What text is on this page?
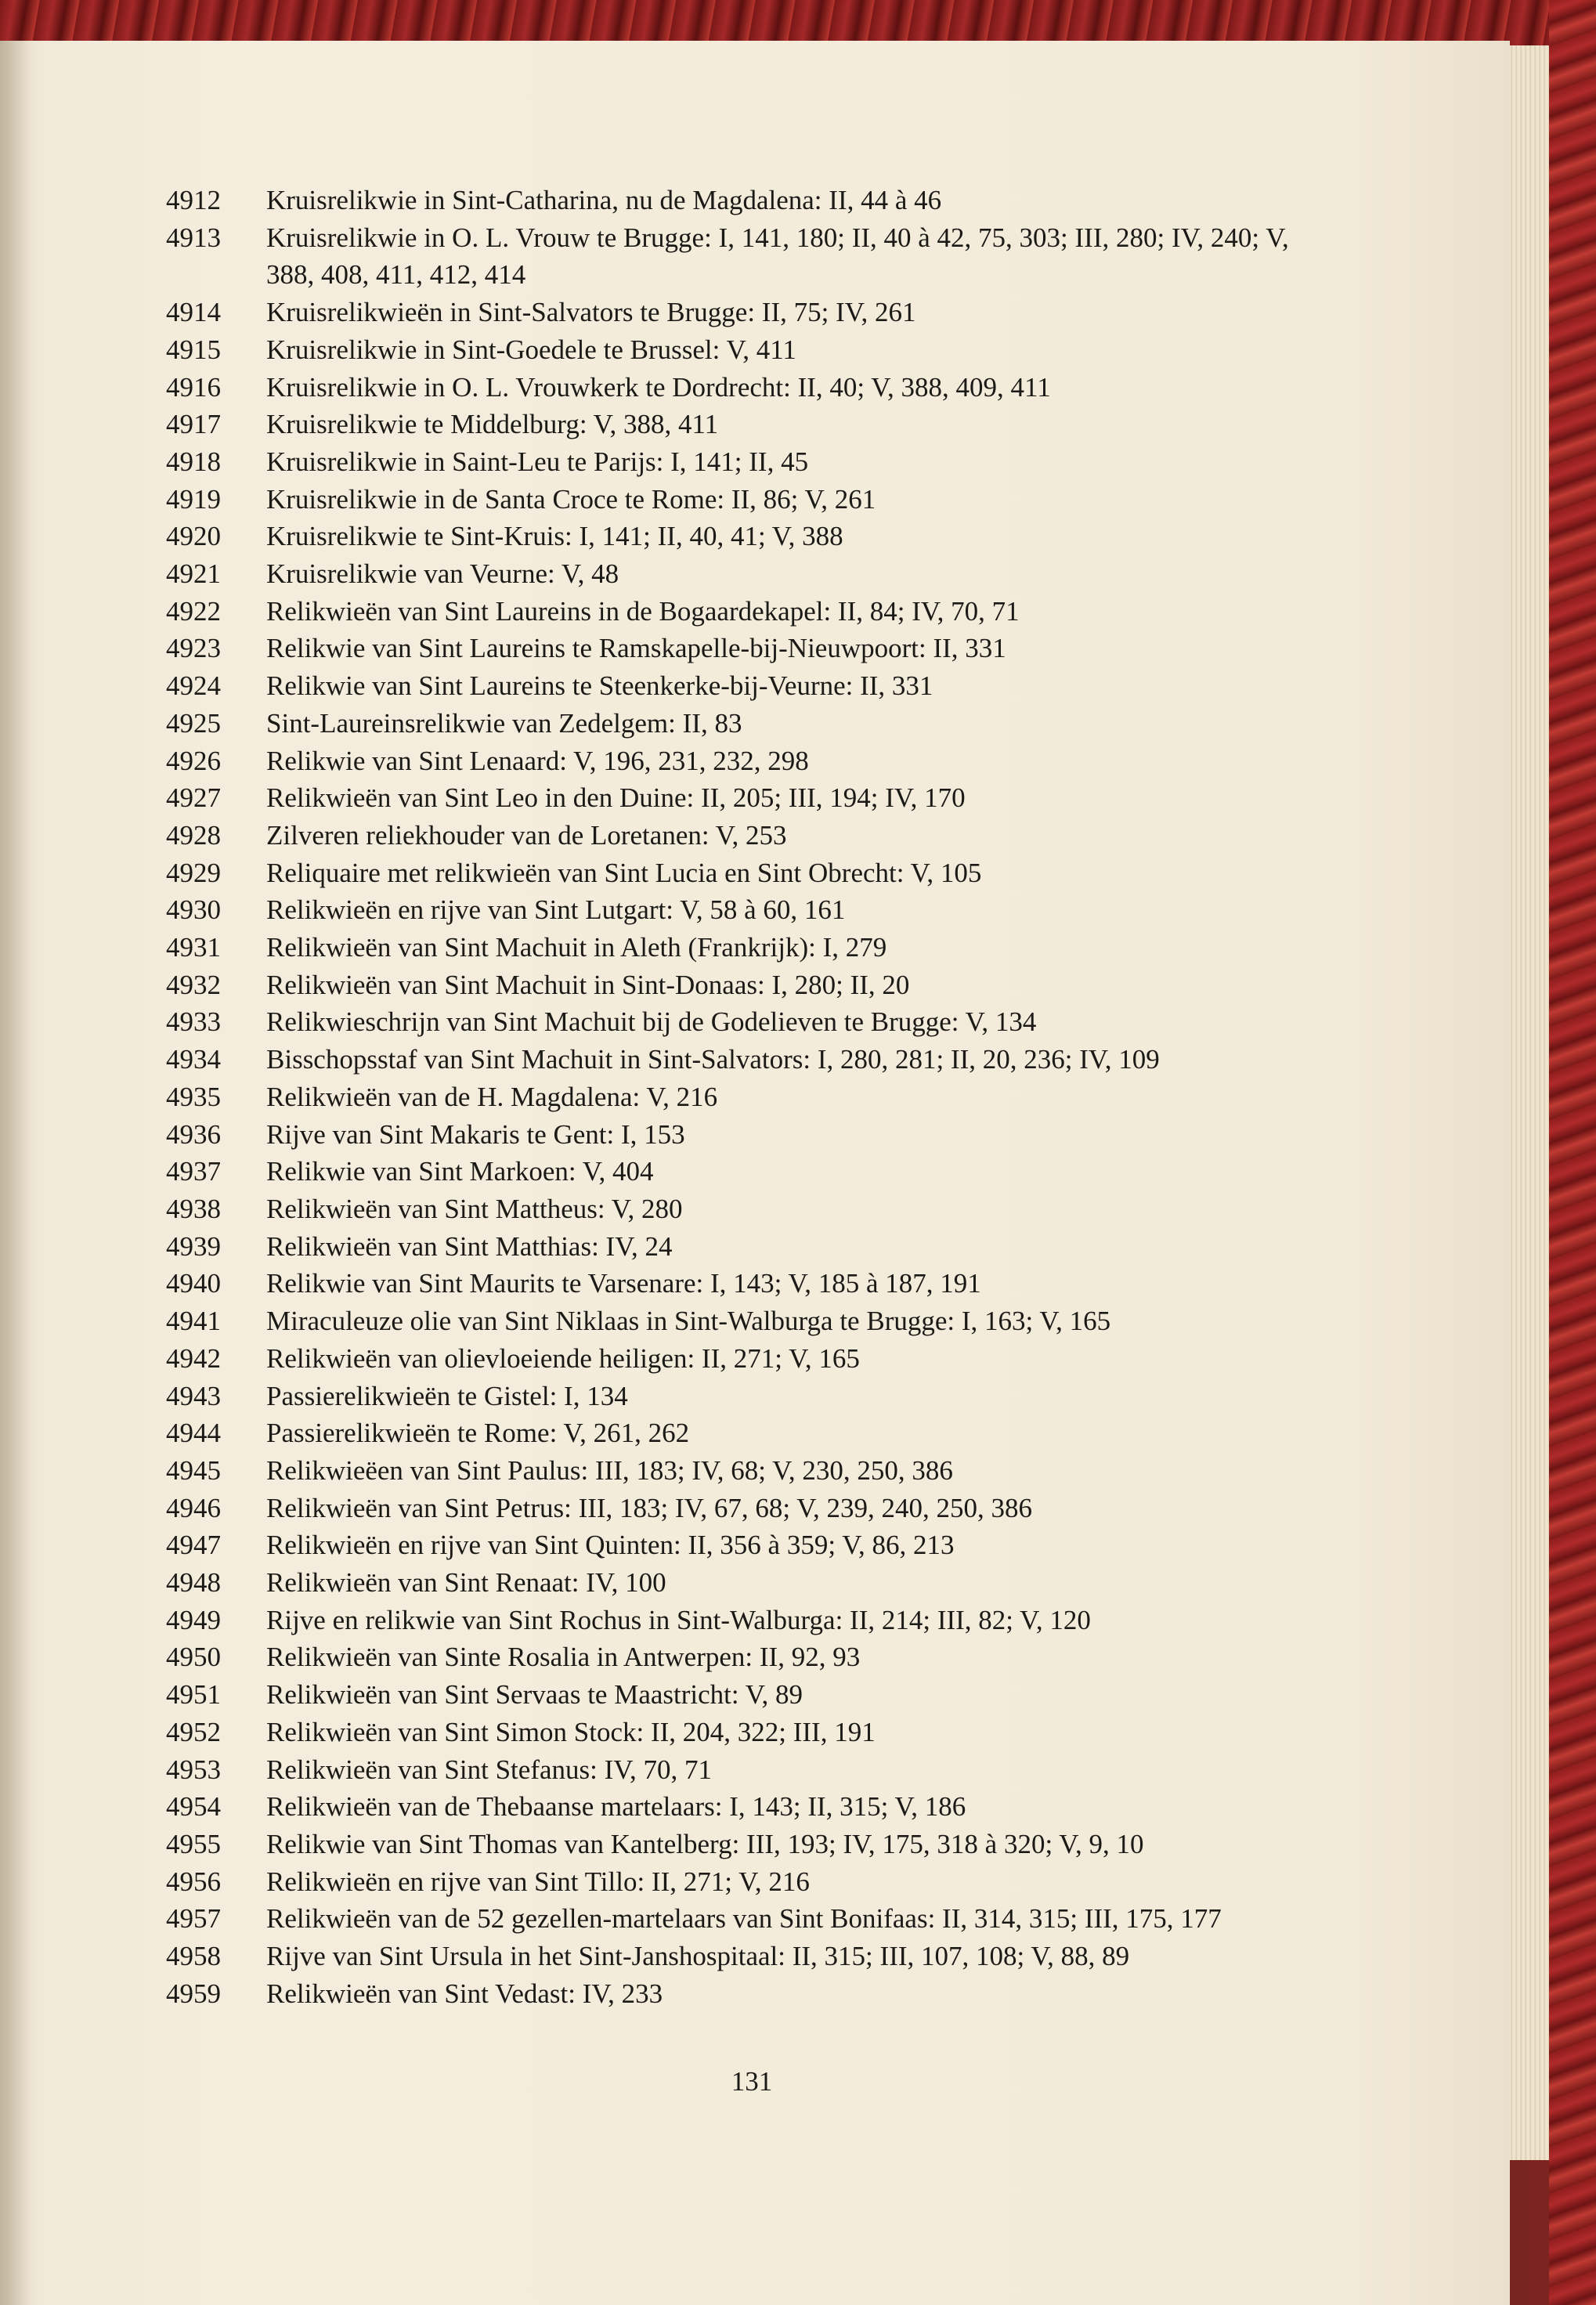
4912	Kruisrelikwie in Sint-Catharina, nu de Magdalena: II, 44 à 46
4913	Kruisrelikwie in O. L. Vrouw te Brugge: I, 141, 180; II, 40 à 42, 75, 303; III, 280; IV, 240; V, 388, 408, 411, 412, 414
4914	Kruisrelikwieën in Sint-Salvators te Brugge: II, 75; IV, 261
4915	Kruisrelikwie in Sint-Goedele te Brussel: V, 411
4916	Kruisrelikwie in O. L. Vrouwkerk te Dordrecht: II, 40; V, 388, 409, 411
4917	Kruisrelikwie te Middelburg: V, 388, 411
4918	Kruisrelikwie in Saint-Leu te Parijs: I, 141; II, 45
4919	Kruisrelikwie in de Santa Croce te Rome: II, 86; V, 261
4920	Kruisrelikwie te Sint-Kruis: I, 141; II, 40, 41; V, 388
4921	Kruisrelikwie van Veurne: V, 48
4922	Relikwieën van Sint Laureins in de Bogaardekapel: II, 84; IV, 70, 71
4923	Relikwie van Sint Laureins te Ramskapelle-bij-Nieuwpoort: II, 331
4924	Relikwie van Sint Laureins te Steenkerke-bij-Veurne: II, 331
4925	Sint-Laureinsrelikwie van Zedelgem: II, 83
4926	Relikwie van Sint Lenaard: V, 196, 231, 232, 298
4927	Relikwieën van Sint Leo in den Duine: II, 205; III, 194; IV, 170
4928	Zilveren reliekhouder van de Loretanen: V, 253
4929	Reliquaire met relikwieën van Sint Lucia en Sint Obrecht: V, 105
4930	Relikwieën en rijve van Sint Lutgart: V, 58 à 60, 161
4931	Relikwieën van Sint Machuit in Aleth (Frankrijk): I, 279
4932	Relikwieën van Sint Machuit in Sint-Donaas: I, 280; II, 20
4933	Relikwieschrijn van Sint Machuit bij de Godelieven te Brugge: V, 134
4934	Bisschopsstaf van Sint Machuit in Sint-Salvators: I, 280, 281; II, 20, 236; IV, 109
4935	Relikwieën van de H. Magdalena: V, 216
4936	Rijve van Sint Makaris te Gent: I, 153
4937	Relikwie van Sint Markoen: V, 404
4938	Relikwieën van Sint Mattheus: V, 280
4939	Relikwieën van Sint Matthias: IV, 24
4940	Relikwie van Sint Maurits te Varsenare: I, 143; V, 185 à 187, 191
4941	Miraculeuze olie van Sint Niklaas in Sint-Walburga te Brugge: I, 163; V, 165
4942	Relikwieën van olievloeiende heiligen: II, 271; V, 165
4943	Passierelikwieën te Gistel: I, 134
4944	Passierelikwieën te Rome: V, 261, 262
4945	Relikwieëen van Sint Paulus: III, 183; IV, 68; V, 230, 250, 386
4946	Relikwieën van Sint Petrus: III, 183; IV, 67, 68; V, 239, 240, 250, 386
4947	Relikwieën en rijve van Sint Quinten: II, 356 à 359; V, 86, 213
4948	Relikwieën van Sint Renaat: IV, 100
4949	Rijve en relikwie van Sint Rochus in Sint-Walburga: II, 214; III, 82; V, 120
4950	Relikwieën van Sinte Rosalia in Antwerpen: II, 92, 93
4951	Relikwieën van Sint Servaas te Maastricht: V, 89
4952	Relikwieën van Sint Simon Stock: II, 204, 322; III, 191
4953	Relikwieën van Sint Stefanus: IV, 70, 71
4954	Relikwieën van de Thebaanse martelaars: I, 143; II, 315; V, 186
4955	Relikwie van Sint Thomas van Kantelberg: III, 193; IV, 175, 318 à 320; V, 9, 10
4956	Relikwieën en rijve van Sint Tillo: II, 271; V, 216
4957	Relikwieën van de 52 gezellen-martelaars van Sint Bonifaas: II, 314, 315; III, 175, 177
4958	Rijve van Sint Ursula in het Sint-Janshospitaal: II, 315; III, 107, 108; V, 88, 89
4959	Relikwieën van Sint Vedast: IV, 233
131
